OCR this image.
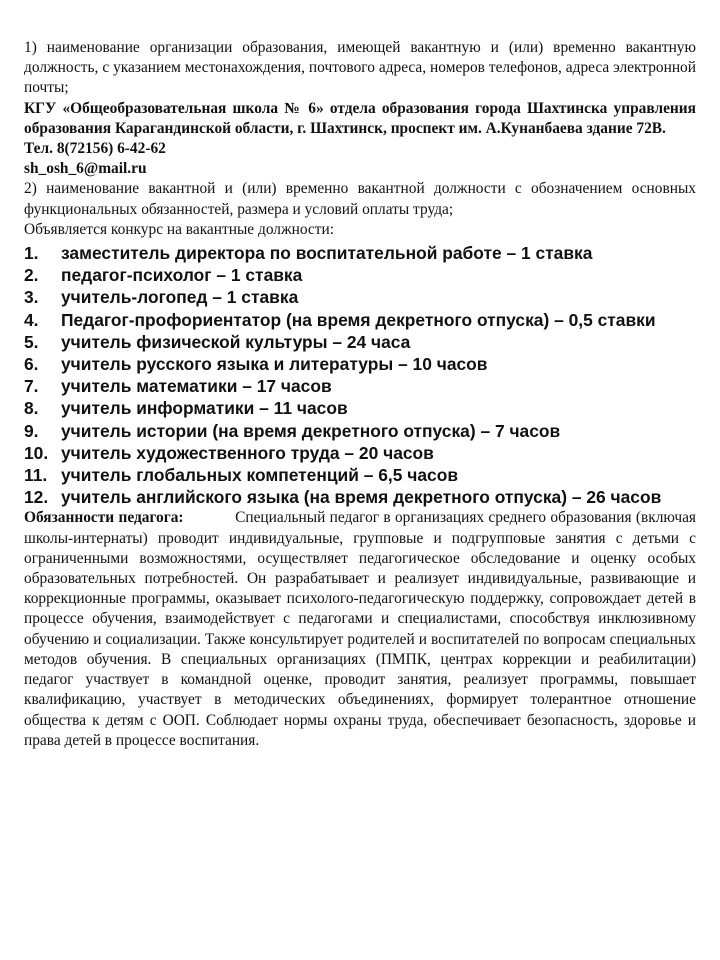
1) наименование организации образования, имеющей вакантную и (или) временно вакантную должность, с указанием местонахождения, почтового адреса, номеров телефонов, адреса электронной почты;

КГУ «Общеобразовательная школа № 6» отдела образования города Шахтинска управления образования Карагандинской области, г. Шахтинск, проспект им. А.Кунанбаева здание 72В.

Тел. 8(72156) 6-42-62

sh_osh_6@mail.ru

2) наименование вакантной и (или) временно вакантной должности с обозначением основных функциональных обязанностей, размера и условий оплаты труда;

Объявляется конкурс на вакантные должности:

1. заместитель директора по воспитательной работе – 1 ставка
2. педагог-психолог – 1 ставка
3. учитель-логопед – 1 ставка
4. Педагог-профориентатор (на время декретного отпуска) – 0,5 ставки
5. учитель физической культуры – 24 часа
6. учитель русского языка и литературы – 10 часов
7. учитель математики – 17 часов
8. учитель информатики – 11 часов
9. учитель истории (на время декретного отпуска) – 7 часов
10. учитель художественного труда – 20 часов
11. учитель глобальных компетенций – 6,5 часов
12. учитель английского языка (на время декретного отпуска) – 26 часов

Обязанности педагога:	Специальный педагог в организациях среднего образования (включая школы-интернаты) проводит индивидуальные, групповые и подгрупповые занятия с детьми с ограниченными возможностями, осуществляет педагогическое обследование и оценку особых образовательных потребностей. Он разрабатывает и реализует индивидуальные, развивающие и коррекционные программы, оказывает психолого-педагогическую поддержку, сопровождает детей в процессе обучения, взаимодействует с педагогами и специалистами, способствуя инклюзивному обучению и социализации. Также консультирует родителей и воспитателей по вопросам специальных методов обучения. В специальных организациях (ПМПК, центрах коррекции и реабилитации) педагог участвует в командной оценке, проводит занятия, реализует программы, повышает квалификацию, участвует в методических объединениях, формирует толерантное отношение общества к детям с ООП. Соблюдает нормы охраны труда, обеспечивает безопасность, здоровье и права детей в процессе воспитания.
